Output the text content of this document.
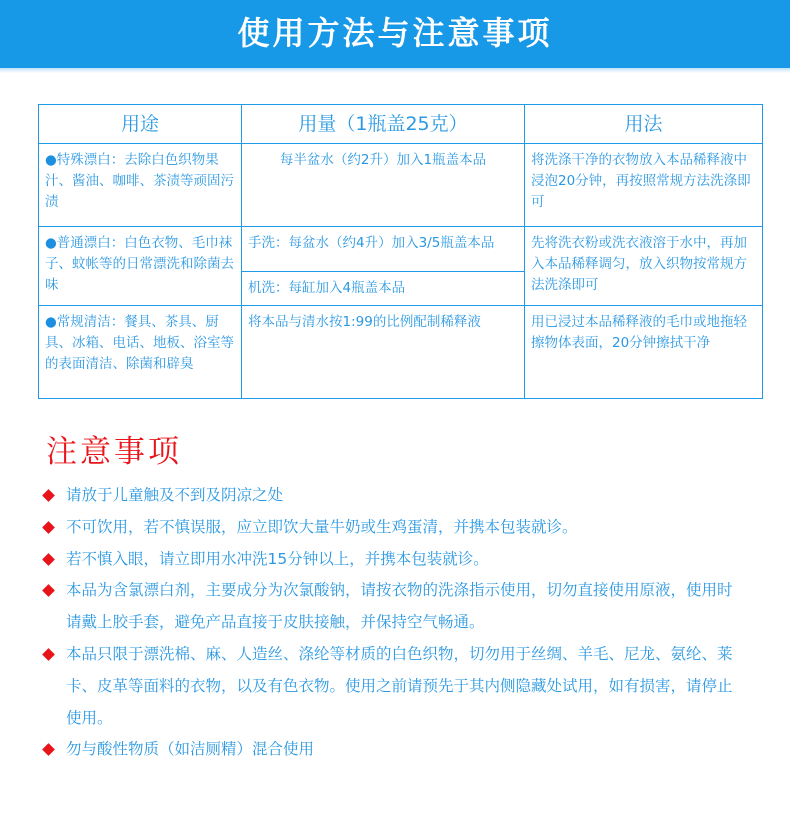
使用方法与注意事项
用途	用量（1瓶盖25克）	用法
●特殊漂白：去除白色织物果汁、酱油、咖啡、茶渍等顽固污渍	每半盆水（约2升）加入1瓶盖本品	将洗涤干净的衣物放入本品稀释液中浸泡20分钟，再按照常规方法洗涤即可
●普通漂白：白色衣物、毛巾袜子、蚊帐等的日常漂洗和除菌去味	手洗：每盆水（约4升）加入3/5瓶盖本品	先将洗衣粉或洗衣液溶于水中，再加入本品稀释调匀，放入织物按常规方法洗涤即可
	机洗：每缸加入4瓶盖本品	
●常规清洁：餐具、茶具、厨具、冰箱、电话、地板、浴室等的表面清洁、除菌和辟臭	将本品与清水按1:99的比例配制稀释液	用已浸过本品稀释液的毛巾或地拖轻擦物体表面，20分钟擦拭干净
注意事项
请放于儿童触及不到及阴凉之处
不可饮用，若不慎误服，应立即饮大量牛奶或生鸡蛋清，并携本包装就诊。
若不慎入眼，请立即用水冲洗15分钟以上，并携本包装就诊。
本品为含氯漂白剂，主要成分为次氯酸钠，请按衣物的洗涤指示使用，切勿直接使用原液，使用时请戴上胶手套，避免产品直接于皮肤接触，并保持空气畅通。
本品只限于漂洗棉、麻、人造丝、涤纶等材质的白色织物，切勿用于丝绸、羊毛、尼龙、氨纶、莱卡、皮革等面料的衣物，以及有色衣物。使用之前请预先于其内侧隐藏处试用，如有损害，请停止使用。
勿与酸性物质（如洁厕精）混合使用
